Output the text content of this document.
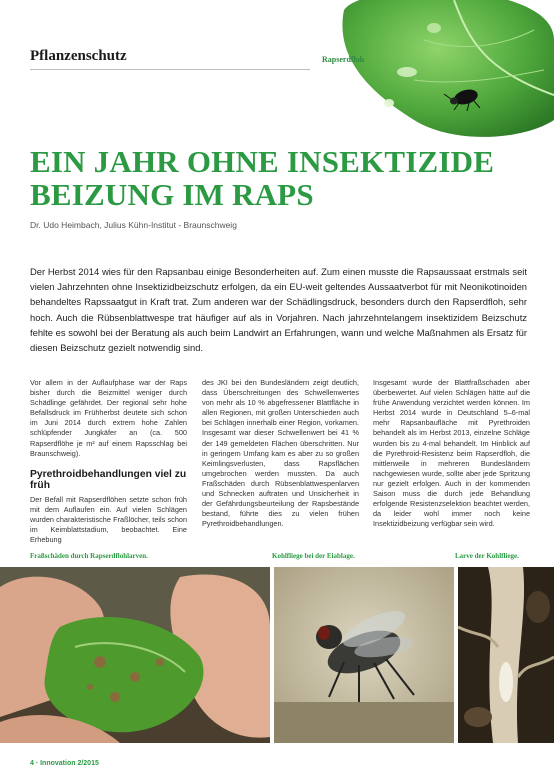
Pflanzenschutz	Rapserdfloh
EIN JAHR OHNE INSEKTIZIDE
BEIZUNG IM RAPS
Dr. Udo Heimbach, Julius Kühn-Institut - Braunschweig
Der Herbst 2014 wies für den Rapsanbau einige Besonderheiten auf. Zum einen musste die Rapsaussaat erstmals seit vielen Jahrzehnten ohne Insektizidbeizschutz erfolgen, da ein EU-weit geltendes Aussaatverbot für mit Neonikotinoiden behandeltes Rapssaatgut in Kraft trat. Zum anderen war der Schädlingsdruck, besonders durch den Rapserdfloh, sehr hoch. Auch die Rübsenblattwespe trat häufiger auf als in Vorjahren. Nach jahrzehntelangem insektizidem Beizschutz fehlte es sowohl bei der Beratung als auch beim Landwirt an Erfahrungen, wann und welche Maßnahmen als Ersatz für diesen Beizschutz gezielt notwendig sind.

Vor allem in der Auflaufphase war der Raps bisher durch die Beizmittel weniger durch Schädlinge gefährdet. Der regional sehr hohe Befallsdruck im Frühherbst deutete sich schon im Juni 2014 durch extrem hohe Zahlen schlüpfender Jungkäfer an (ca. 500 Rapserdflöhe je m² auf einem Rapsschlag bei Braunschweig).

Pyrethroidbehandlungen viel zu früh

Der Befall mit Rapserdflöhen setzte schon früh mit dem Auflaufen ein. Auf vielen Schlägen wurden charakteristische Fraßlöcher, teils schon im Keimblattstadium, beobachtet. Eine Erhebung

des JKI bei den Bundesländern zeigt deutlich, dass Überschreitungen des Schwellenwertes von mehr als 10 % abgefressener Blattfläche in allen Regionen, mit großen Unterschieden auch bei Schlägen innerhalb einer Region, vorkamen. Insgesamt war dieser Schwellenwert bei 41 % der 149 gemeldeten Flächen überschritten. Nur in geringem Umfang kam es aber zu so großen Keimlingsverlusten, dass Rapsflächen umgebrochen werden mussten. Da auch Fraßschäden durch Rübsenblattwespenlarven und Schnecken auftraten und Unsicherheit in der Gefährdungsbeurteilung der Rapsbestände bestand, führte dies zu vielen frühen Pyrethroidbehandlungen.

Insgesamt wurde der Blattfraßschaden aber überbewertet. Auf vielen Schlägen hätte auf die frühe Anwendung verzichtet werden können. Im Herbst 2014 wurde in Deutschland 5–6-mal mehr Rapsanbaufläche mit Pyrethroiden behandelt als im Herbst 2013, einzelne Schläge wurden bis zu 4-mal behandelt. Im Hinblick auf die Pyrethroid-Resistenz beim Rapserdfloh, die mittlerweile in mehreren Bundesländern nachgewiesen wurde, sollte aber jede Spritzung nur gezielt erfolgen. Auch in der kommenden Saison muss die durch jede Behandlung erfolgende Resistenzselektion beachtet werden, da leider wohl immer noch keine Insektizidbeizung verfügbar sein wird.

Fraßschäden durch Rapserdflohlarven.	Kohlfliege bei der Eiablage.	Larve der Kohlfliege.
4 · Innovation 2/2015
